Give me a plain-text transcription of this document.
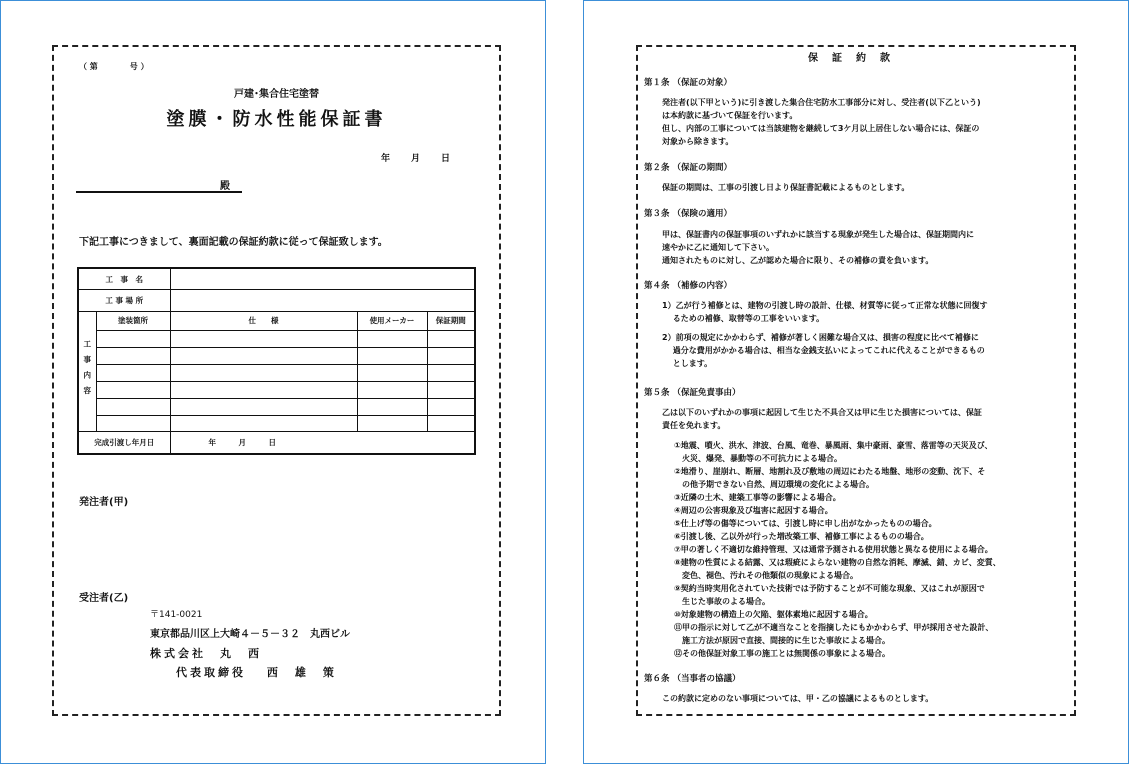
（ 第　　　　号 ）
戸建･集合住宅塗替
塗膜・防水性能保証書
年　　月　　日
殿
下記工事につきまして、裏面記載の保証約款に従って保証致します。
工　事　名				
工 事 場 所				
工事内容	塗装箇所	仕　　様	使用メーカー	保証期間

完成引渡し年月日		年　　　月　　　日		
発注者(甲)
受注者(乙)
〒141-0021
東京都品川区上大崎４－５－３２　丸西ビル
株式会社　丸　西
代表取締役　 西　雄　策
保証約款
第１条 （保証の対象）
発注者(以下甲という)に引き渡した集合住宅防水工事部分に対し、受注者(以下乙という)
は本約款に基づいて保証を行います。
但し、内部の工事については当該建物を継続して3ケ月以上居住しない場合には、保証の
対象から除きます。
第２条 （保証の期間）
保証の期間は、工事の引渡し日より保証書記載によるものとします。
第３条 （保険の適用）
甲は、保証書内の保証事項のいずれかに該当する現象が発生した場合は、保証期間内に
速やかに乙に通知して下さい。
通知されたものに対し、乙が認めた場合に限り、その補修の責を負います。
第４条 （補修の内容）
1）乙が行う補修とは、建物の引渡し時の設計、仕様、材質等に従って正常な状態に回復す
　 るための補修、取替等の工事をいいます。
2）前項の規定にかかわらず、補修が著しく困難な場合又は、損害の程度に比べて補修に
　 過分な費用がかかる場合は、相当な金銭支払いによってこれに代えることができるもの
　 とします。
第５条 （保証免責事由）
乙は以下のいずれかの事項に起因して生じた不具合又は甲に生じた損害については、保証
責任を免れます。
①地震、噴火、洪水、津波、台風、竜巻、暴風雨、集中豪雨、豪雪、落雷等の天災及び、
　火災、爆発、暴動等の不可抗力による場合。
②地滑り、崖崩れ、断層、地割れ及び敷地の周辺にわたる地盤、地形の変動、沈下、そ
　の他予期できない自然、周辺環境の変化による場合。
③近隣の土木、建築工事等の影響による場合。
④周辺の公害現象及び塩害に起因する場合。
⑤仕上げ等の傷等については、引渡し時に申し出がなかったものの場合。
⑥引渡し後、乙以外が行った増改築工事、補修工事によるものの場合。
⑦甲の著しく不適切な維持管理、又は通常予測される使用状態と異なる使用による場合。
⑧建物の性質による結露、又は瑕疵によらない建物の自然な消耗、摩滅、錆、カビ、変質、
　変色、褪色、汚れその他類似の現象による場合。
⑨契約当時実用化されていた技術では予防することが不可能な現象、又はこれが原因で
　生じた事故のよる場合。
⑩対象建物の構造上の欠陥、躯体素地に起因する場合。
⑪甲の指示に対して乙が不適当なことを指摘したにもかかわらず、甲が採用させた設計、
　施工方法が原因で直接、間接的に生じた事故による場合。
⑫その他保証対象工事の施工とは無関係の事象による場合。
第６条 （当事者の協議）
この約款に定めのない事項については、甲・乙の協議によるものとします。
